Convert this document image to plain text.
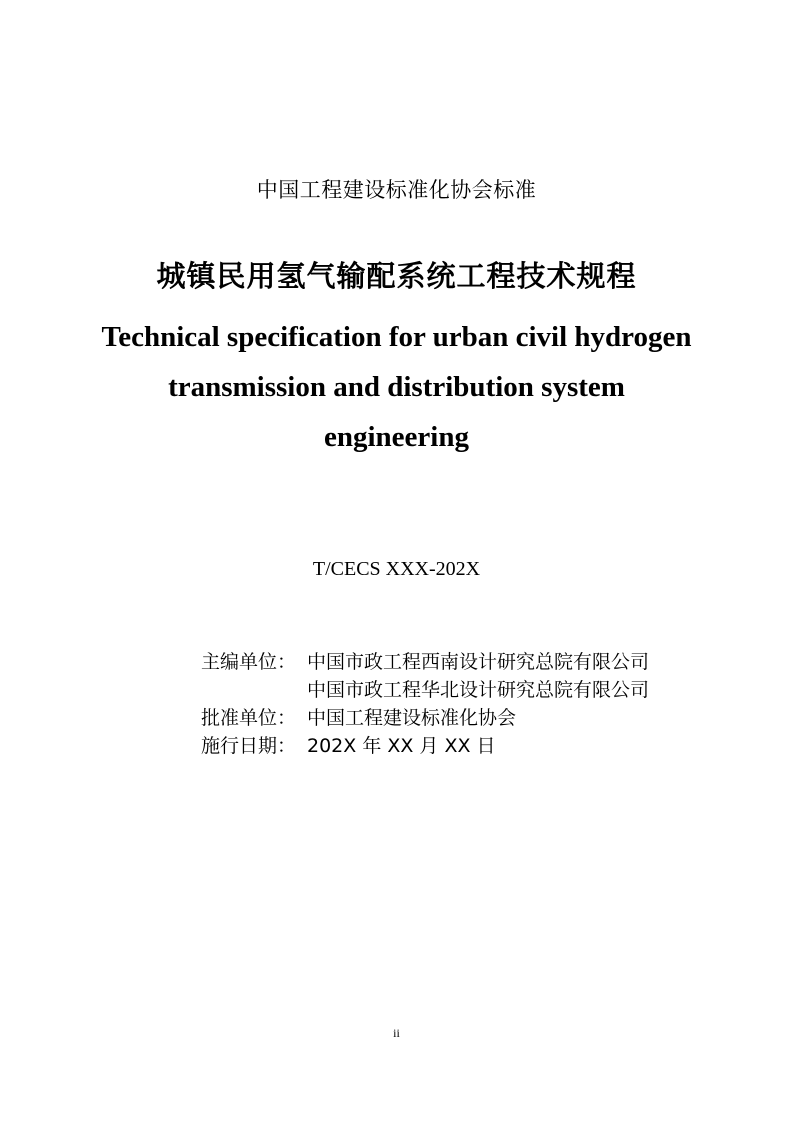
中国工程建设标准化协会标准
城镇民用氢气输配系统工程技术规程
Technical specification for urban civil hydrogen
transmission and distribution system
engineering
T/CECS XXX-202X
主编单位： 中国市政工程西南设计研究总院有限公司
中国市政工程华北设计研究总院有限公司
批准单位： 中国工程建设标准化协会
施行日期： 202X 年 XX 月 XX 日
ii
